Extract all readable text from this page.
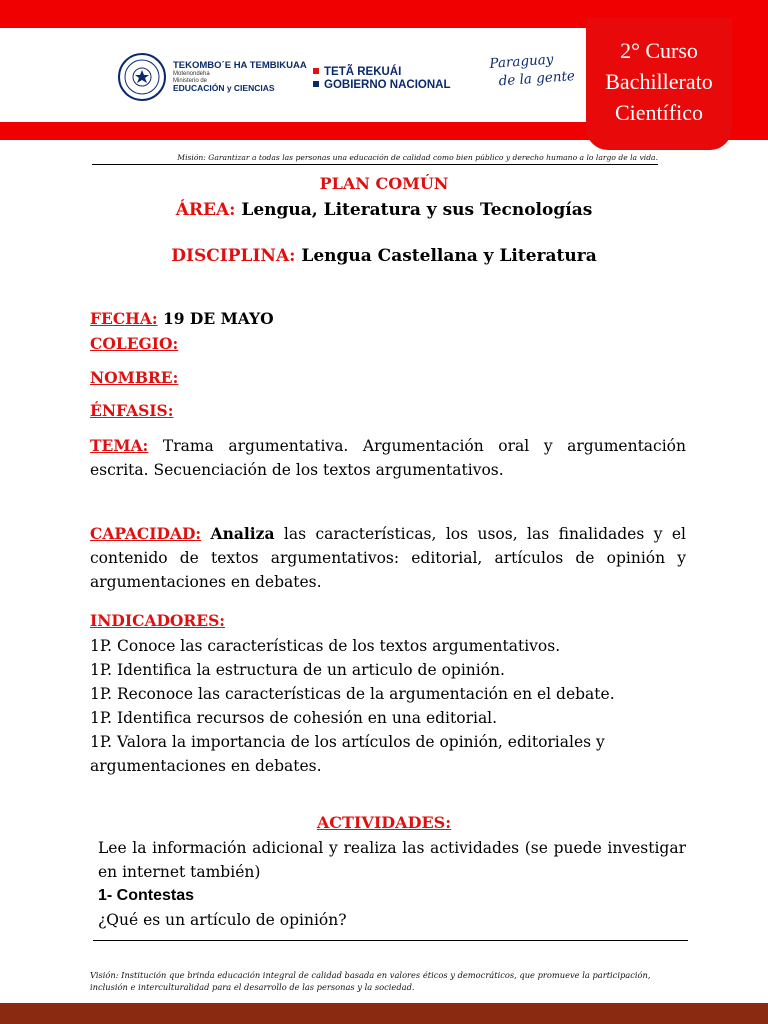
TEKOMBO´E HA TEMBIKUAA
Motenondeha
Ministerio de
EDUCACIÓN y CIENCIAS
TETÃ REKUÁI
GOBIERNO NACIONAL
Paraguay
de la gente
2° Curso
Bachillerato
Científico
Misión: Garantizar a todas las personas una educación de calidad como bien público y derecho humano a lo largo de la vida.
PLAN COMÚN
ÁREA: Lengua, Literatura y sus Tecnologías
DISCIPLINA: Lengua Castellana y Literatura
FECHA: 19 DE MAYO
COLEGIO:
NOMBRE:
ÉNFASIS:
TEMA: Trama argumentativa. Argumentación oral y argumentación escrita. Secuenciación de los textos argumentativos.
CAPACIDAD: Analiza las características, los usos, las finalidades y el contenido de textos argumentativos: editorial, artículos de opinión y argumentaciones en debates.
INDICADORES:
1P. Conoce las características de los textos argumentativos.
1P. Identifica la estructura de un articulo de opinión.
1P. Reconoce las características de la argumentación en el debate.
1P. Identifica recursos de cohesión en una editorial.
1P. Valora la importancia de los artículos de opinión, editoriales y argumentaciones en debates.
ACTIVIDADES:
Lee la información adicional y realiza las actividades (se puede investigar en internet también)
1- Contestas
¿Qué es un artículo de opinión?
Visión: Institución que brinda educación integral de calidad basada en valores éticos y democráticos, que promueve la participación, inclusión e interculturalidad para el desarrollo de las personas y la sociedad.
